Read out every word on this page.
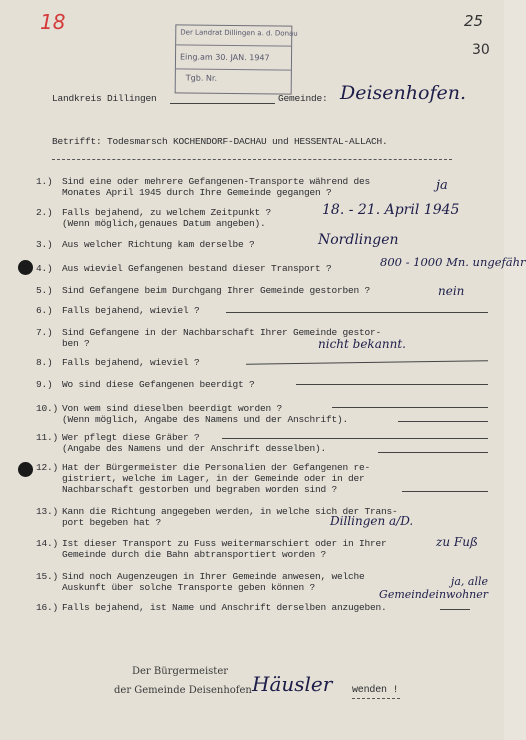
18	25
30
Der Landrat Dillingen a. d. Donau
Eing.am 30. JAN. 1947
Tgb. Nr.
Landkreis Dillingen	Gemeinde: Deisenhofen.
Betrifft: Todesmarsch KOCHENDORF-DACHAU und HESSENTAL-ALLACH.
1.) Sind eine oder mehrere Gefangenen-Transporte während des
Monates April 1945 durch Ihre Gemeinde gegangen ?	ja
2.) Falls bejahend, zu welchem Zeitpunkt ?
(Wenn möglich,genaues Datum angeben).
18. - 21. April 1945
3.) Aus welcher Richtung kam derselbe ?	Nordlingen
4.) Aus wieviel Gefangenen bestand dieser Transport ?	800 - 1000 Mn. ungefähr
5.) Sind Gefangene beim Durchgang Ihrer Gemeinde gestorben ?	nein
6.) Falls bejahend, wieviel ?
7.) Sind Gefangene in der Nachbarschaft Ihrer Gemeinde gestor-
ben ?	nicht bekannt.
8.) Falls bejahend, wieviel ?
9.) Wo sind diese Gefangenen beerdigt ?
10.) Von wem sind dieselben beerdigt worden ?
(Wenn möglich, Angabe des Namens und der Anschrift).
11.) Wer pflegt diese Gräber ?
(Angabe des Namens und der Anschrift desselben).
12.) Hat der Bürgermeister die Personalien der Gefangenen re-
gistriert, welche im Lager, in der Gemeinde oder in der
Nachbarschaft gestorben und begraben worden sind ?
13.) Kann die Richtung angegeben werden, in welche sich der Trans-
port begeben hat ?	Dillingen a/D.
14.) Ist dieser Transport zu Fuss weitermarschiert oder in Ihrer
Gemeinde durch die Bahn abtransportiert worden ?
zu Fuß
15.) Sind noch Augenzeugen in Ihrer Gemeinde anwesen, welche
Auskunft über solche Transporte geben können ?	ja, alle Gemeindeinwohner
16.) Falls bejahend, ist Name und Anschrift derselben anzugeben.
Der Bürgermeister
der Gemeinde Deisenhofen Häusler wenden !
